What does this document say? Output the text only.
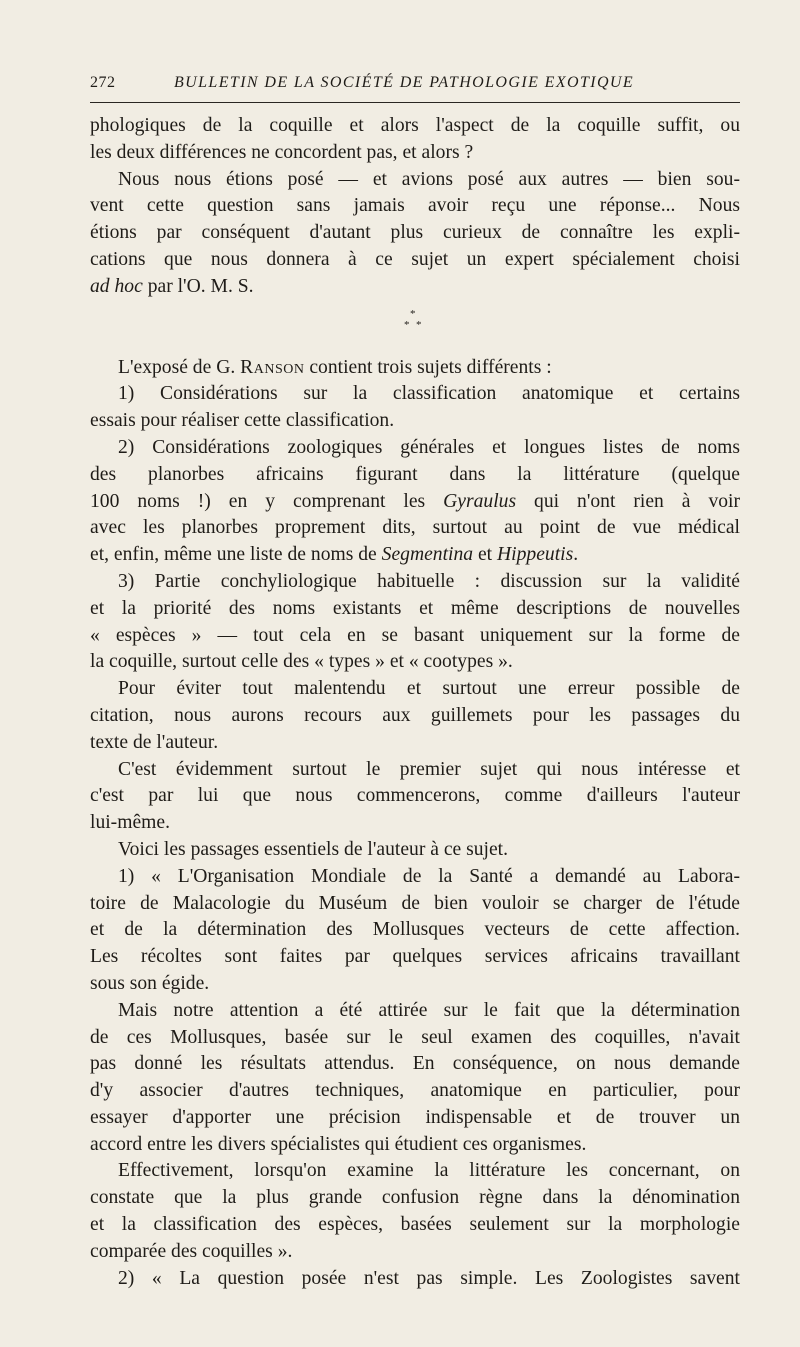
272	BULLETIN DE LA SOCIÉTÉ DE PATHOLOGIE EXOTIQUE

phologiques de la coquille et alors l'aspect de la coquille suffit, ou

les deux différences ne concordent pas, et alors ?

Nous nous étions posé — et avions posé aux autres — bien sou-

vent cette question sans jamais avoir reçu une réponse... Nous

étions par conséquent d'autant plus curieux de connaître les expli-

cations que nous donnera à ce sujet un expert spécialement choisi

ad hoc par l'O. M. S.

*
* *

L'exposé de G. Ranson contient trois sujets différents :

1) Considérations sur la classification anatomique et certains

essais pour réaliser cette classification.

2) Considérations zoologiques générales et longues listes de noms

des planorbes africains figurant dans la littérature (quelque

100 noms !) en y comprenant les Gyraulus qui n'ont rien à voir

avec les planorbes proprement dits, surtout au point de vue médical

et, enfin, même une liste de noms de Segmentina et Hippeutis.

3) Partie conchyliologique habituelle : discussion sur la validité

et la priorité des noms existants et même descriptions de nouvelles

« espèces » — tout cela en se basant uniquement sur la forme de

la coquille, surtout celle des « types » et « cootypes ».

Pour éviter tout malentendu et surtout une erreur possible de

citation, nous aurons recours aux guillemets pour les passages du

texte de l'auteur.

C'est évidemment surtout le premier sujet qui nous intéresse et

c'est par lui que nous commencerons, comme d'ailleurs l'auteur

lui-même.

Voici les passages essentiels de l'auteur à ce sujet.

1) « L'Organisation Mondiale de la Santé a demandé au Labora-

toire de Malacologie du Muséum de bien vouloir se charger de l'étude

et de la détermination des Mollusques vecteurs de cette affection.

Les récoltes sont faites par quelques services africains travaillant

sous son égide.

Mais notre attention a été attirée sur le fait que la détermination

de ces Mollusques, basée sur le seul examen des coquilles, n'avait

pas donné les résultats attendus. En conséquence, on nous demande

d'y associer d'autres techniques, anatomique en particulier, pour

essayer d'apporter une précision indispensable et de trouver un

accord entre les divers spécialistes qui étudient ces organismes.

Effectivement, lorsqu'on examine la littérature les concernant, on

constate que la plus grande confusion règne dans la dénomination

et la classification des espèces, basées seulement sur la morphologie

comparée des coquilles ».

2) « La question posée n'est pas simple. Les Zoologistes savent
